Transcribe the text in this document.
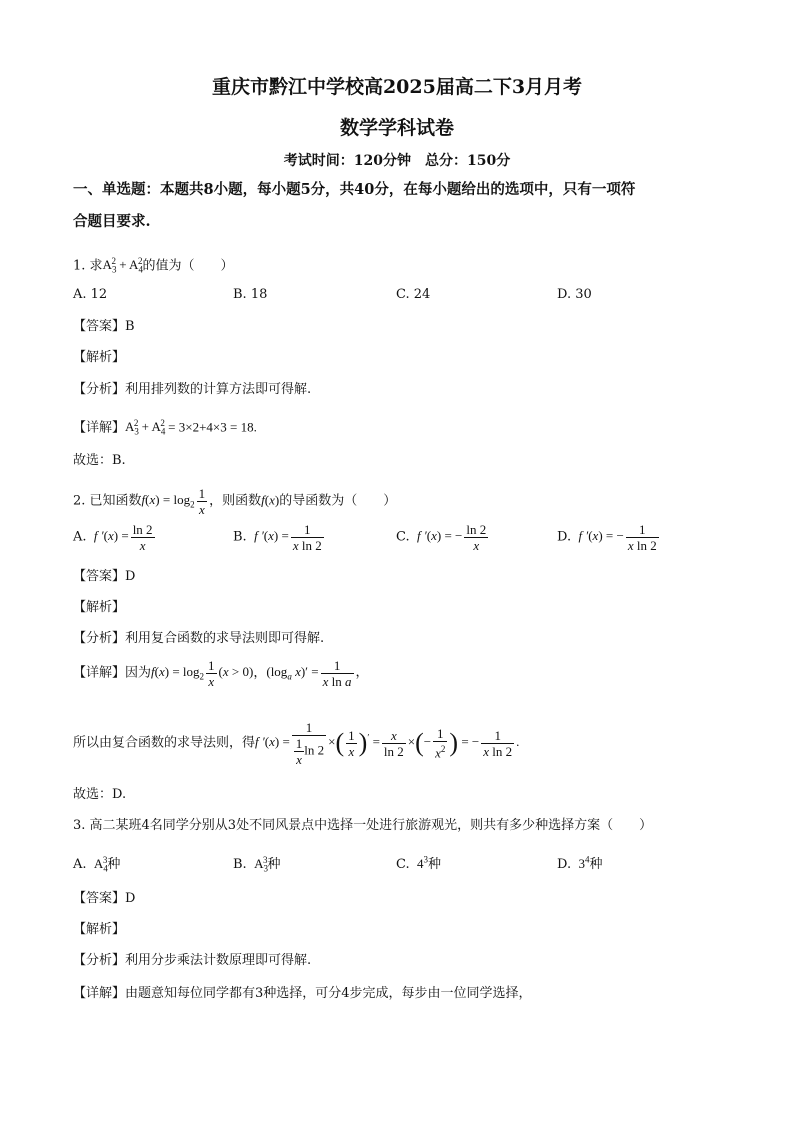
重庆市黔江中学校高2025届高二下3月月考
数学学科试卷
考试时间：120分钟　总分：150分
一、单选题：本题共8小题，每小题5分，共40分，在每小题给出的选项中，只有一项符
合题目要求.
1. 求$A_3^2 + A_4^2$的值为（　　）
A. 12	B. 18	C. 24	D. 30
【答案】B
【解析】
【分析】利用排列数的计算方法即可得解.
【详解】$A_3^2 + A_4^2 = 3\times 2+4\times 3 = 18$.
故选：B.
2. 已知函数$f(x) = \log_2 \frac{1}{x}$ ，则函数f(x)的导函数为（　　）
A.  f $'(x) = \frac{\ln 2}{x}$	B.  f $'(x) = \frac{1}{\text{x ln 2}}$	C.  f ′(x) = − $\frac{\ln 2}{x}$	D.  f ′(x) = − $\frac{1}{\text{x ln 2}}$
【答案】D
【解析】
【分析】利用复合函数的求导法则即可得解.
【详解】因为$f(x) = \log_2 \frac{1}{x} (x > 0)$，($\log_a$ $x)' = \frac{1}{\text{x ln a}}$ ，
所以由复合函数的求导法则，得f $'(x) = \frac{1}{\frac{1}{x} \ln 2}$ ×( $\frac{1}{x} )' = \frac{x}{\ln 2}$ ×(− $\frac{1}{x^2}$ ) = − $\frac{1}{\text{x ln 2}}$ .
故选：D.
3. 高二某班4名同学分别从3处不同风景点中选择一处进行旅游观光，则共有多少种选择方案（　　）
A.  $A_4^3$种	B.  $A_3^3$种	C.  $4^3$种	D.  $3^4$种
【答案】D
【解析】
【分析】利用分步乘法计数原理即可得解.
【详解】由题意知每位同学都有3种选择，可分4步完成，每步由一位同学选择，
